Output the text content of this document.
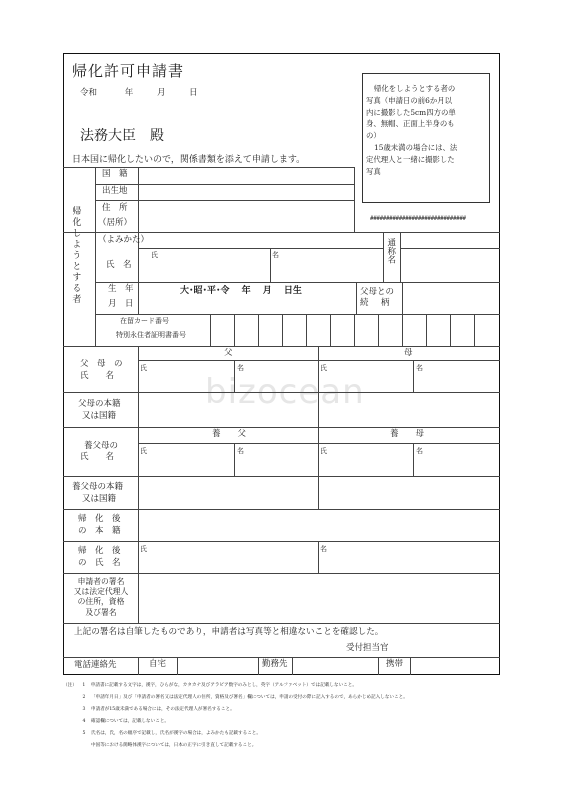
bizocean
帰化許可申請書
令和	年	月	日
法務大臣　殿
日本国に帰化したいので，関係書類を添えて申請します。
帰化をしようとする者の
写真（申請日の前6か月以
内に撮影した5cm四方の単
身、無帽、正面上半身のも
の）
15歳未満の場合には、法
定代理人と一緒に撮影した
写真
##############################
帰化しようとする者
国　籍
出生地
住　所
（居所）
（よみかた）
氏　名
氏	名	通称名
生　年
月　日
大･昭･平･令　 年 　月 　日生	父母との
続　柄
在留カード番号
特別永住者証明書番号
父　母　の
氏　　名
父	母
氏	名	氏	名
父母の本籍
又は国籍
養父母の
氏　　名
養　　父	養　　母
氏	名	氏	名
養父母の本籍
又は国籍
帰　化　後
の　本　籍
帰　化　後
の　氏　名
氏	名
申請者の署名
又は法定代理人
の住所，資格
及び署名
上記の署名は自筆したものであり，申請者は写真等と相違ないことを確認した。
受付担当官
電話連絡先	自宅	勤務先	携帯
（注） 1 申請書に記載する文字は，漢字，ひらがな，カタカナ及びアラビア数字のみとし，英字（アルファベット）では記載しないこと。
2 「申請年月日」及び「申請者の署名又は法定代理人の住所，資格及び署名」欄については，申請の受付の際に記入するので，あらかじめ記入しないこと。
3 申請者が15歳未満である場合には，その法定代理人が署名すること。
4 確認欄については，記載しないこと。
5 氏名は，氏，名の順序で記載し，氏名が漢字の場合は，よみかたも記載すること。
中国等における簡略体漢字については，日本の正字に引き直して記載すること。
